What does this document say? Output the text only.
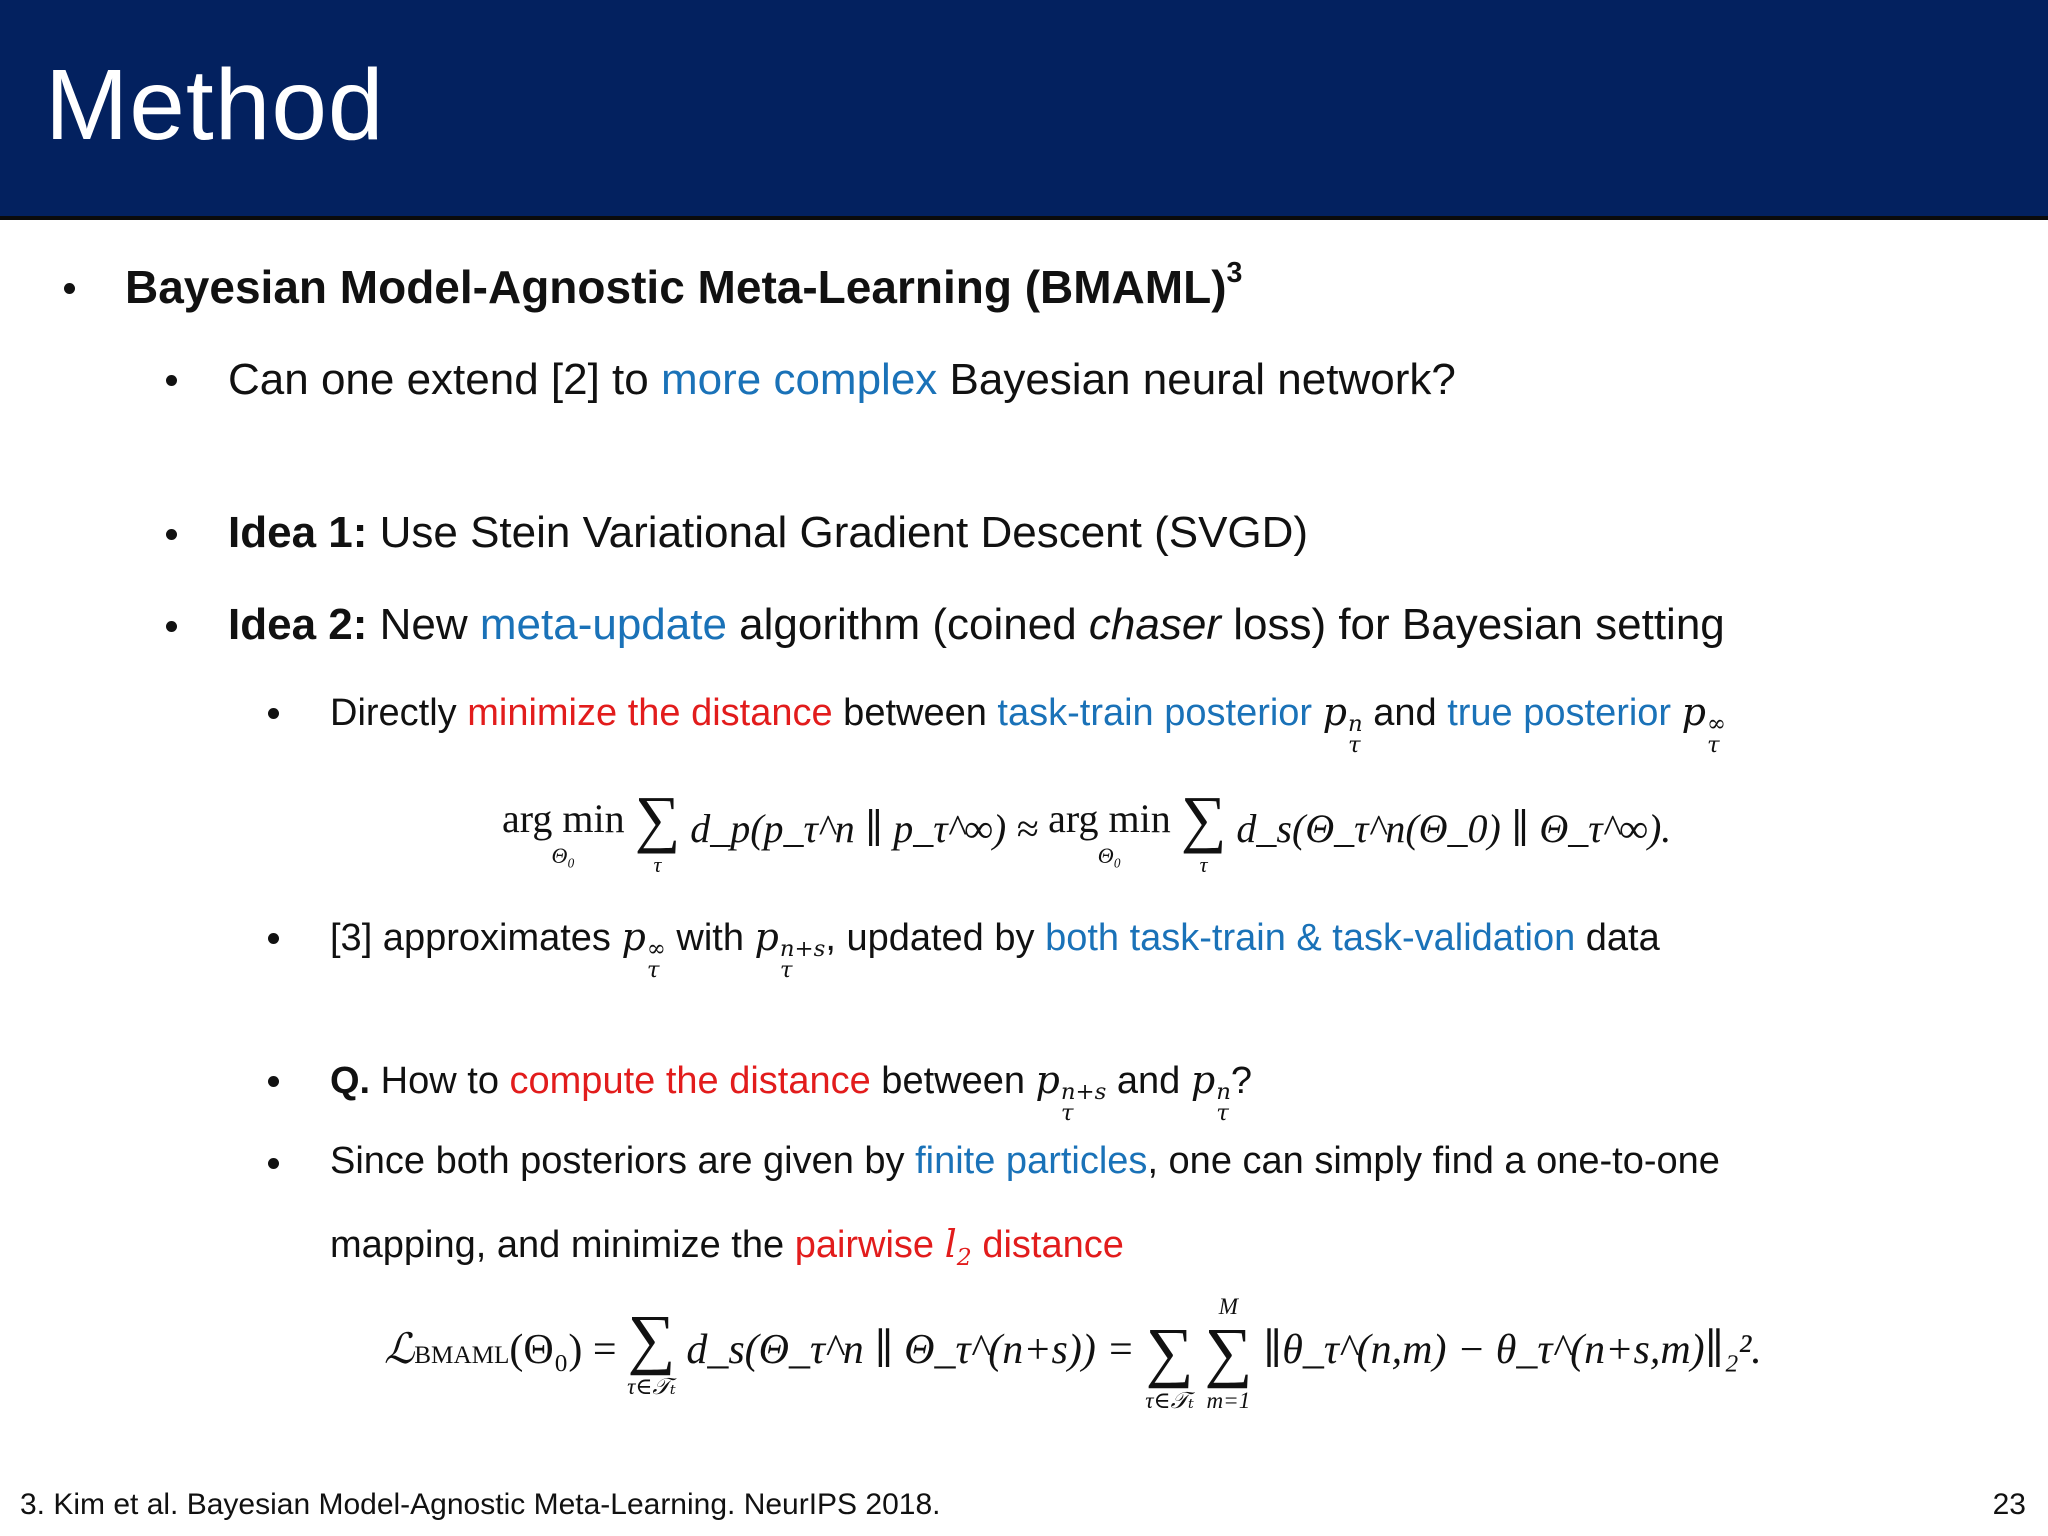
Method
Bayesian Model-Agnostic Meta-Learning (BMAML)$^3$
Can one extend [2] to more complex Bayesian neural network?
Idea 1: Use Stein Variational Gradient Descent (SVGD)
Idea 2: New meta-update algorithm (coined chaser loss) for Bayesian setting
Directly minimize the distance between task-train posterior p n
τ
and true posterior p ∞
τ
arg min
Θ₀

∑
τ
d_p(p_τ^n ∥ p_τ^∞) ≈ arg min
Θ₀

∑
τ
d_s(Θ_τ^n(Θ_0) ∥ Θ_τ^∞).
[3] approximates p ∞
τ
with p n+s
τ
, updated by both task-train & task-validation data
Q. How to compute the distance between p n+s
τ
and p n
τ
?
Since both posteriors are given by finite particles, one can simply find a one-to-one
mapping, and minimize the pairwise $l_2$ distance
ℒBMAML(Θ₀) = ∑
τ∈𝒯ₜ
d_s(Θ_τ^n ∥ Θ_τ^(n+s)) =
∑
τ∈𝒯ₜ

M
∑
m=1
∥θ_τ^(n,m) − θ_τ^(n+s,m)∥₂².
3. Kim et al. Bayesian Model-Agnostic Meta-Learning. NeurIPS 2018.	23
